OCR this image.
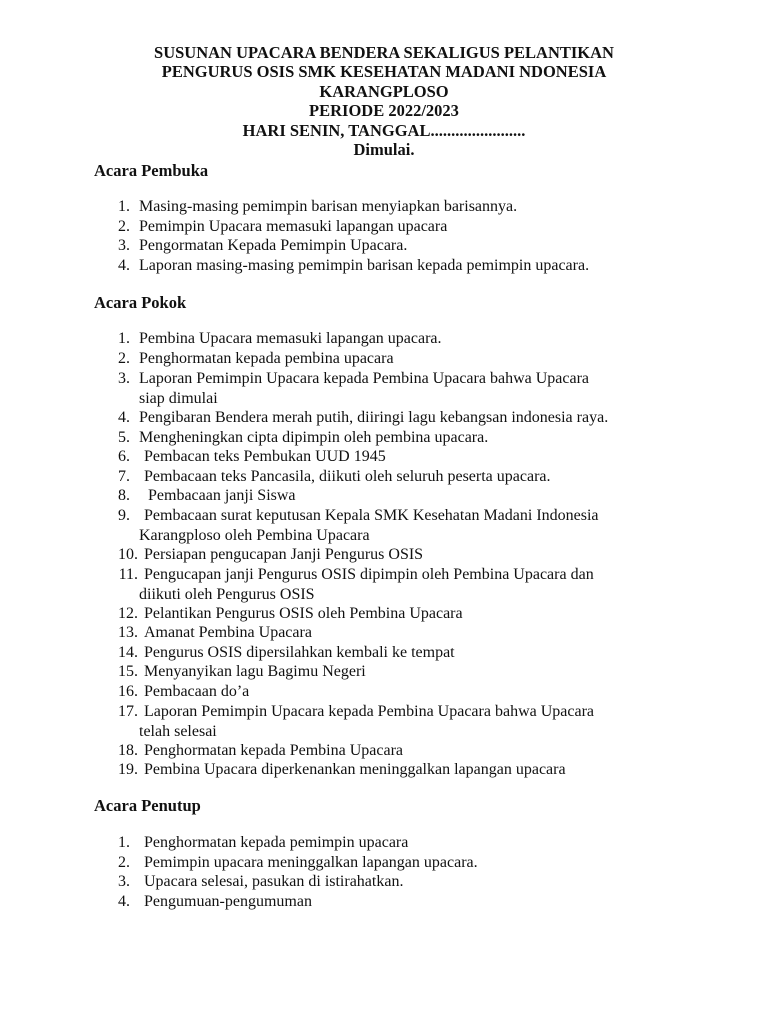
SUSUNAN UPACARA BENDERA SEKALIGUS PELANTIKAN
PENGURUS OSIS SMK KESEHATAN MADANI NDONESIA
KARANGPLOSO
PERIODE 2022/2023
HARI SENIN, TANGGAL.......................
Dimulai.
Acara Pembuka
1. Masing-masing pemimpin barisan menyiapkan barisannya.
2. Pemimpin Upacara memasuki lapangan upacara
3. Pengormatan Kepada Pemimpin Upacara.
4. Laporan masing-masing pemimpin barisan kepada pemimpin upacara.
Acara Pokok
1. Pembina Upacara memasuki lapangan upacara.
2. Penghormatan kepada pembina upacara
3. Laporan Pemimpin Upacara kepada Pembina Upacara bahwa Upacara
siap dimulai
4. Pengibaran Bendera merah putih, diiringi lagu kebangsan indonesia raya.
5. Mengheningkan cipta dipimpin oleh pembina upacara.
6. Pembacan teks Pembukan UUD 1945
7. Pembacaan teks Pancasila, diikuti oleh seluruh peserta upacara.
8. Pembacaan janji Siswa
9. Pembacaan surat keputusan Kepala SMK Kesehatan Madani Indonesia
Karangploso oleh Pembina Upacara
10. Persiapan pengucapan Janji Pengurus OSIS
11. Pengucapan janji Pengurus OSIS dipimpin oleh Pembina Upacara dan
diikuti oleh Pengurus OSIS
12. Pelantikan Pengurus OSIS oleh Pembina Upacara
13. Amanat Pembina Upacara
14. Pengurus OSIS dipersilahkan kembali ke tempat
15. Menyanyikan lagu Bagimu Negeri
16. Pembacaan do’a
17. Laporan Pemimpin Upacara kepada Pembina Upacara bahwa Upacara
telah selesai
18. Penghormatan kepada Pembina Upacara
19. Pembina Upacara diperkenankan meninggalkan lapangan upacara
Acara Penutup
1. Penghormatan kepada pemimpin upacara
2. Pemimpin upacara meninggalkan lapangan upacara.
3. Upacara selesai, pasukan di istirahatkan.
4. Pengumuan-pengumuman
